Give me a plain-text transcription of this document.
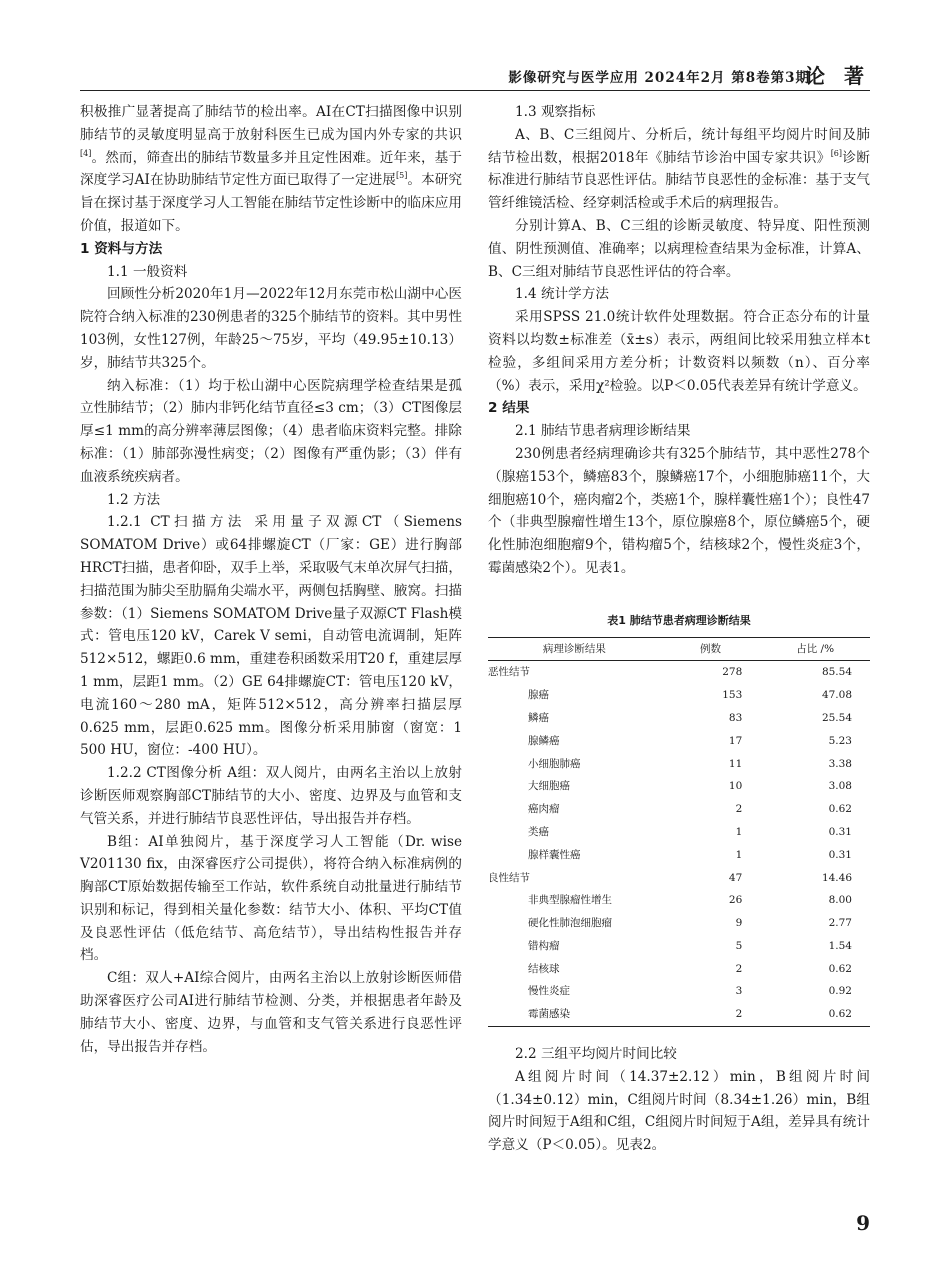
影像研究与医学应用 2024年2月 第8卷第3期
论 著

积极推广显著提高了肺结节的检出率。AI在CT扫描图像中识别肺结节的灵敏度明显高于放射科医生已成为国内外专家的共识[4]。然而，筛查出的肺结节数量多并且定性困难。近年来，基于深度学习AI在协助肺结节定性方面已取得了一定进展[5]。本研究旨在探讨基于深度学习人工智能在肺结节定性诊断中的临床应用价值，报道如下。

1 资料与方法

1.1 一般资料

回顾性分析2020年1月—2022年12月东莞市松山湖中心医院符合纳入标准的230例患者的325个肺结节的资料。其中男性103例，女性127例，年龄25～75岁，平均（49.95±10.13）岁，肺结节共325个。

纳入标准：（1）均于松山湖中心医院病理学检查结果是孤立性肺结节；（2）肺内非钙化结节直径≤3 cm；（3）CT图像层厚≤1 mm的高分辨率薄层图像；（4）患者临床资料完整。排除标准：（1）肺部弥漫性病变；（2）图像有严重伪影；（3）伴有血液系统疾病者。

1.2 方法

1.2.1 CT扫描方法 采用量子双源CT（Siemens SOMATOM Drive）或64排螺旋CT（厂家：GE）进行胸部HRCT扫描，患者仰卧，双手上举，采取吸气末单次屏气扫描，扫描范围为肺尖至肋膈角尖端水平，两侧包括胸壁、腋窝。扫描参数：（1）Siemens SOMATOM Drive量子双源CT Flash模式：管电压120 kV，Carek V semi，自动管电流调制，矩阵512×512，螺距0.6 mm，重建卷积函数采用T20 f，重建层厚1 mm，层距1 mm。（2）GE 64排螺旋CT：管电压120 kV，电流160～280 mA，矩阵512×512，高分辨率扫描层厚0.625 mm，层距0.625 mm。图像分析采用肺窗（窗宽：1 500 HU，窗位：-400 HU）。

1.2.2 CT图像分析 A组：双人阅片，由两名主治以上放射诊断医师观察胸部CT肺结节的大小、密度、边界及与血管和支气管关系，并进行肺结节良恶性评估，导出报告并存档。

B组：AI单独阅片，基于深度学习人工智能（Dr. wise V201130 fix，由深睿医疗公司提供），将符合纳入标准病例的胸部CT原始数据传输至工作站，软件系统自动批量进行肺结节识别和标记，得到相关量化参数：结节大小、体积、平均CT值及良恶性评估（低危结节、高危结节），导出结构性报告并存档。

C组：双人+AI综合阅片，由两名主治以上放射诊断医师借助深睿医疗公司AI进行肺结节检测、分类，并根据患者年龄及肺结节大小、密度、边界，与血管和支气管关系进行良恶性评估，导出报告并存档。

1.3 观察指标

A、B、C三组阅片、分析后，统计每组平均阅片时间及肺结节检出数，根据2018年《肺结节诊治中国专家共识》[6]诊断标准进行肺结节良恶性评估。肺结节良恶性的金标准：基于支气管纤维镜活检、经穿刺活检或手术后的病理报告。

分别计算A、B、C三组的诊断灵敏度、特异度、阳性预测值、阴性预测值、准确率；以病理检查结果为金标准，计算A、B、C三组对肺结节良恶性评估的符合率。

1.4 统计学方法

采用SPSS 21.0统计软件处理数据。符合正态分布的计量资料以均数±标准差（x̄±s）表示，两组间比较采用独立样本t检验，多组间采用方差分析；计数资料以频数（n）、百分率（%）表示，采用χ²检验。以P＜0.05代表差异有统计学意义。

2 结果

2.1 肺结节患者病理诊断结果

230例患者经病理确诊共有325个肺结节，其中恶性278个（腺癌153个，鳞癌83个，腺鳞癌17个，小细胞肺癌11个，大细胞癌10个，癌肉瘤2个，类癌1个，腺样囊性癌1个）；良性47个（非典型腺瘤性增生13个，原位腺癌8个，原位鳞癌5个，硬化性肺泡细胞瘤9个，错构瘤5个，结核球2个，慢性炎症3个，霉菌感染2个）。见表1。

表1 肺结节患者病理诊断结果
病理诊断结果	例数	占比 /%
恶性结节	278	85.54
腺癌	153	47.08
鳞癌	83	25.54
腺鳞癌	17	5.23
小细胞肺癌	11	3.38
大细胞癌	10	3.08
癌肉瘤	2	0.62
类癌	1	0.31
腺样囊性癌	1	0.31
良性结节	47	14.46
非典型腺瘤性增生	26	8.00
硬化性肺泡细胞瘤	9	2.77
错构瘤	5	1.54
结核球	2	0.62
慢性炎症	3	0.92
霉菌感染	2	0.62

2.2 三组平均阅片时间比较

A组阅片时间（14.37±2.12）min，B组阅片时间（1.34±0.12）min，C组阅片时间（8.34±1.26）min，B组阅片时间短于A组和C组，C组阅片时间短于A组，差异具有统计学意义（P＜0.05）。见表2。

9
